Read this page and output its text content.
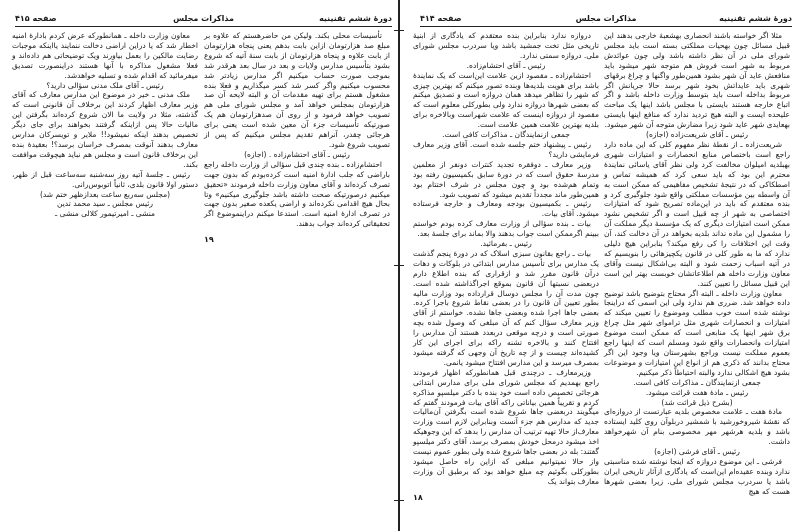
دورهٔ ششم تقنینیه
مذاکرات مجلس
صفحه ۴۱۵

تأسیسات محلی بکند. ولیکن من حاضرهستم که علاوه بر مبلغ صد هزارتومان ازاین بابت بدهم یعنی پنجاه هزارتومان از بابت علاوه و پنجاه هزارتومان از بابت سنهٔ آتیه که شروع بشود بتأسیس مدارس ولایات و بعد در سال بعد هرقدر شد بموجب صورت حساب میکنیم اگر مدارس زیادتر شد محسوب میکنیم واگر کسر شد کسر میگذاریم و فعلا بنده مشغول هستم برای تهیه مقدمات آن و البته لایحه آن صد هزارتومان بمجلس خواهد آمد و مجلس شورای ملی هم تصویب خواهد فرمود و از روی آن صدهزارتومان هم یک صورتیکه تأسیسات جزء آن معین شده است یعنی برای هرجائی چقدر، آنراهم تقدیم مجلس میکنیم که پس از تصویب شروع شود.

رئیس ـ آقای احتشام‌زاده . (اجازه)

احتشام‌زاده ـ بنده چندی قبل سؤالی از وزارت داخله راجع باراضی که جلب ادارهٔ امنیه است کرده‌بودم که بدون جهت تصرف کرده‌اند و آقای معاون وزارت داخله فرمودند «تحقیق میکنیم درصورتیکه صحت داشته باشد جلوگیری میکنیم» وتا بحال هیچ اقدامی نکرده‌اند و اراضی یکعده صغیر بدون جهت در تصرف ادارهٔ امنیه است. استدعا میکنم دراینموضوع اگر تحقیقاتی کرده‌اند جواب بدهند.

۱۹

معاون وزارت داخله ـ همانطورکه عرض کردم بادارهٔ امنیه اخطار شد که یا دراین اراضی دخالت ننمایند یااینکه موجبات رضایت مالکین را بعمل بیاورند ویک توضیحاتی هم داده‌اند و فعلا مشغول مذاکره با آنها هستند دراینصورت تصدیق میفرمائید که اقدام شده و تسلیه خواهدشد.

رئیس ـ آقای ملک مدنی سؤالی دارید؟

ملک مدنی ـ خیر در موضوع این مدارس معارف که آقای وزیر معارف اظهار کردند این برخلاف آن قانونی است که گذشته، مثلا در ولایت ما الان شروع کرده‌اند بگرفتن این مالیات حالا پس ازاینکه گرفتند بخواهند برای جای دیگر تخصیص بدهند اینکه نمیشود!! ملایر و تویسرکان مدارس معارف بدهند آنوقت بمصرف خراسان برسد؟! بعقیدهٔ بنده این برخلاف قانون است و مجلس هم نباید هیچوقت موافقت بکند.

رئیس ـ جلسهٔ آتیه روز سه‌شنبه سه‌ساعت قبل از ظهر، دستور اولا قانون بلدی، ثانیاً اتوبوس‌رانی.

(مجلس سه‌ربع ساعت بعدازظهر ختم شد)

رئیس مجلس ـ سید محمد تدین

منشی ـ امیرتیمور کلالی منشی ـ

دورهٔ ششم تقنینیه
مذاکرات مجلس
صفحه ۴۱۴

مثلا اگر خواسته باشند انحصاری بهشعبهٔ خارجی بدهند این قبیل مسائل چون بهحیات مملکتی بسته است باید مجلس شورای ملی در آن نظر داشته باشد ولی چون عوائدش مربوط به شهر است فروش هم متوجه شهر میشود باید منافعش عاید آن شهر بشود همین‌طور واگنها و چراغ برقهای شهری باید عایداتش بخود شهر برسد حالا جریانش اگر مربوط بداخله است باید بتوسط وزارت داخله باشد و اگر اتباع خارجه هستند بایستی با مجلس باشد اینها یک مباحث علیحده ایست و البته هیچ تردید ندارد که منافع اینها بایستی بهعایدی شهر عاید شود زیرا مضارش متوجه آن شهر میشود.

رئیس ـ آقای شریعت‌زاده (اجازه)

شریعت‌زاده ـ از نقطهٔ نظر مفهوم کلی که این ماده دارد راجع است باختصاص منابع انحصارات و امتیازات شهری بهبلدیه امیلوان مخالفت کرد ولی نظر آقای یاسائی نمایندهٔ محترم این بود که باید سعی کرد که همیشه تماس و اصطکاکی که در نتیجهٔ تشخیص مفاهیمی که ممکن است به آن واسطه بین مؤسسات مملکتی واقع شود جلوگیری کرد و بنده معتقدم که باید در این‌ماده تصریح شود که امتیازات اختصاصی به شهر از چه قبیل است و اگر تشخیص نشود ممکن است امتیازات دیگری که یک مؤسسهٔ دیگر مملکت آن را مشمول این ماده نداند بلدیه بخواهد در آن دخالت کند، آن وقت این اختلافات را کی رفع میکند؟ بنابراین هیچ دلیلی ندارد که ما به طور کلی در قانون یکچیزهائی را بنویسیم که در آتیه اسباب زحمت شود و البته بی‌اشکال نیست وآقای معاون وزارت داخله هم اطلاعاتشان خوبست بهتر این است این قبیل مسائل را تعیین کنند.

معاون وزارت داخله ـ البته اگر محتاج بتوضیح باشد توضیح داده خواهد شد. ضرری هم ندارد ولی این اسمی که دراینجا نوشته شده است خوب مطلب وموضوع را تعیین میکند که امتیازات و انحصارات شهری مثل تراموای شهر مثل چراغ برق شهر اینها یک منابعی است که ممکن است موضوع امتیازات وانحصارات واقع شود ومسلم است که اینها راجع بعموم مملکت نیست وراجع بشهرستان ویا وجود این اگر محتاج بدانند که ذکری هم از انواع این امتیازات و موضوعات بشود هیچ اشکالی ندارد والبته احتیاطاً ذکر میکنیم.

جمعی ازنمایندگان ـ مذاکرات کافی است.

رئیس ـ مادهٔ هفت قرائت میشود.

(بشرح ذیل قرائت شد)

مادهٔ هفت ـ علامت مخصوص بلدیه عبارتست از دروازه‌ای که نقشهٔ شیروخورشید با شمشیر دربلوآن روی کلید ایستاده باشد و بلدیه هرشهر مهر مخصوصی بنام آن شهرخواهد داشت.

رئیس ـ آقای فرشی (اجازه)

فرشی ـ این موضوع دروازه که اینجا نوشته شده مناسبتی ندارد وبنده عقیده‌ام این‌است که یادگاری ازآثار تاریخی ایران باشد یا سردرب مجلس شورای ملی. زیرا بعضی شهرها هست که هیچ

دروازه ندارد بنابراین بنده معتقدم که یادگاری از ابنیهٔ تاریخی مثل تخت جمشید باشد ویا سردرب مجلس شورای ملی. دروازه سمتی ندارد.

رئیس ـ آقای احتشام‌زاده.

احتشام‌زاده ـ مقصود ازین علامت این‌است که یک نمایندهٔ باشد برای هویت بلدیه‌ها وبنده تصور میکنم که بهترین چیزی که شهر را تظاهر میدهد همان دروازه است و تصدیق میکنم که بعضی شهرها دروازه ندارد ولی بطورکلی معلوم است که مقصود از دروازه اینست که علامت شهراست وبالاخره برای بلدیه بهترین علامت همین علامت است.

جمعی ازنمایندگان ـ مذاکرات کافی است.

رئیس ـ پیشنهاد ختم جلسه شده است. آقای وزیر معارف فرمایشی دارید؟

وزیر معارف ـ دوفقره تجدید کنترات دونفر از معلمین مدرسهٔ حقوق است که در دورهٔ سابق بکمیسیون رفته بود وتمام هم‌شده بود و چون مجلس در شرف اختتام بود همین‌طور ماند مجدداً تقدیم میشود که تصویب شود.

رئیس ـ بکمیسیون بودجه ومعارف و خارجه فرستاده میشود. آقای بیات.

بیات ـ بنده سؤالی از وزارت معارف کرده بودم خواستم ببینم اگرممکن است جواب بدهند والا بماند برای جلسهٔ بعد.

رئیس ـ بفرمائید.

بیات ـ راجع بقانون سبزی اسلاک که در دورهٔ پنجم گذشت یک مدارس برای تأسیس مدارس ابتدائی در بلوکات و دهات درآن قانون مقرر شد و ازقراری که بنده اطلاع دارم دربعضی نسبتها آن قانون بموقع اجراگذاشته شده است. چون مدت آن را مجلس دوسال قرارداده بود وزارت مالیه بطور تعیین آن قانون را در بعضی نقاط شروع باجرا کرده. بعضی جاها اجرا شده وبعضی جاها نشده. خواستم از آقای وزیر معارف سؤال کنم که آن مبلغی که وصول شده بچه صورتی است و درچه موقعی دربعدد هستند آن مدارس را افتتاح کنند و بالاخره تشنه راکه برای اجرای این کار کشیده‌اند چیست و از چه تاریخ آن وجهی که گرفته میشود بمصرف میرسد و این مدارس افتتاح میشود یانمی.

وزیرمعارف ـ درچندی قبل همانطورکه اظهار فرمودند راجع بهمدیم که مجلس شورای ملی برای مدارس ابتدائی هرجائی تخصیص داده است خود بنده با دکتر میلسپو مذاکره کردم و تقریباً همین بیاناتی راکه آقای بیات فرمودند گفتم که میگویند دربعضی جاها شروع شده است بگرفتن آن‌مالیات جدید که مدارس هم جزء آنست وبنابراین لازم است وزارت معارف‌از حالا تهیه ترتیب آن مدارس را بدهد که این وجوهیکه اخذ میشود درمحل خودش بمصرف برسد، آقای دکتر میلسپو گفتند: بله در بعضی جاها شروع شده ولی بطور عموم نیست واز حالا نمیتوانیم مبلغی که ازاین راه حاصل میشود بطورکلی بگوئیم چه مبلغ خواهد بود که برطبق آن وزارت معارف بتواند یک

۱۸
